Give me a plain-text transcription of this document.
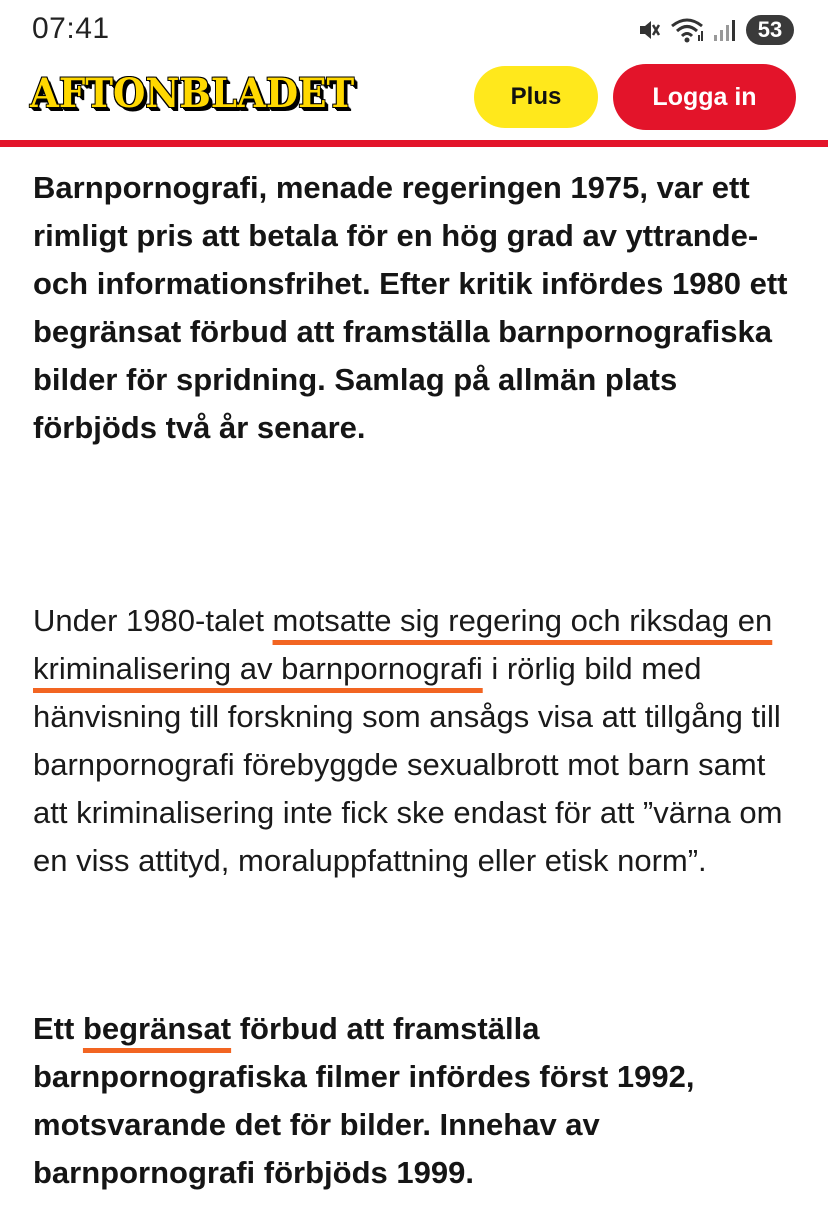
07:41	53
AFTONBLADET	Plus	Logga in

Barnpornografi, menade regeringen 1975, var ett rimligt pris att betala för en hög grad av yttrande- och informationsfrihet. Efter kritik infördes 1980 ett begränsat förbud att framställa barnpornografiska bilder för spridning. Samlag på allmän plats förbjöds två år senare.

Under 1980-talet motsatte sig regering och riksdag en kriminalisering av barnpornografi i rörlig bild med hänvisning till forskning som ansågs visa att tillgång till barnpornografi förebyggde sexualbrott mot barn samt att kriminalisering inte fick ske endast för att ”värna om en viss attityd, moraluppfattning eller etisk norm”.

Ett begränsat förbud att framställa barnpornografiska filmer infördes först 1992, motsvarande det för bilder. Innehav av barnpornografi förbjöds 1999.
